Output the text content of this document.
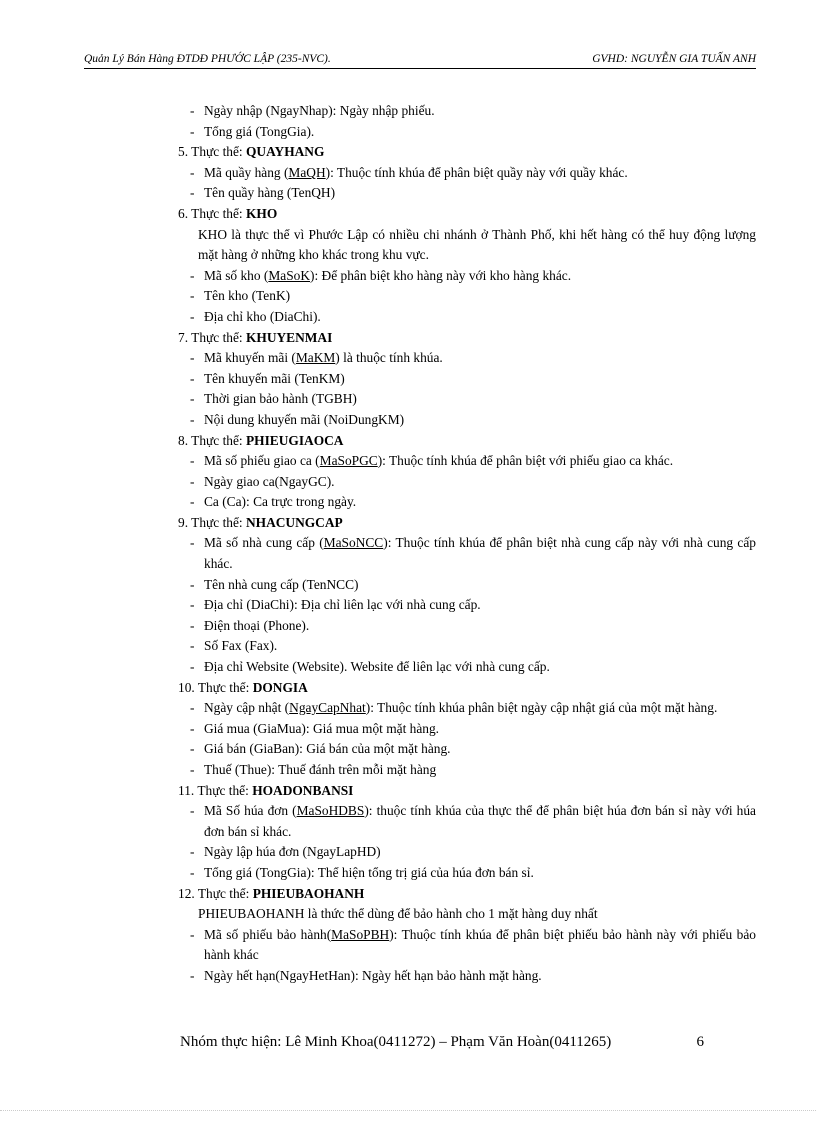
Quản Lý Bán Hàng ĐTDĐ PHƯỚC LẬP (235-NVC).	GVHD: NGUYỄN GIA TUẤN ANH
- Ngày nhập (NgayNhap): Ngày nhập phiếu.
- Tổng giá (TongGia).
5. Thực thể: QUAYHANG
- Mã quầy hàng (MaQH): Thuộc tính khúa để phân biệt quầy này với quầy khác.
- Tên quầy hàng (TenQH)
6. Thực thể: KHO
KHO là thực thể vì Phước Lập có nhiều chi nhánh ở Thành Phố, khi hết hàng có thể huy động lượng mặt hàng ở những kho khác trong khu vực.
- Mã số kho (MaSoK): Để phân biệt kho hàng này với kho hàng khác.
- Tên kho (TenK)
- Địa chỉ kho (DiaChi).
7. Thực thể: KHUYENMAI
- Mã khuyến mãi (MaKM) là thuộc tính khúa.
- Tên khuyến mãi (TenKM)
- Thời gian bảo hành (TGBH)
- Nội dung khuyến mãi (NoiDungKM)
8. Thực thể: PHIEUGIAOCA
- Mã số phiếu giao ca (MaSoPGC): Thuộc tính khúa để phân biệt với phiếu giao ca khác.
- Ngày giao ca(NgayGC).
- Ca (Ca): Ca trực trong ngày.
9. Thực thể: NHACUNGCAP
- Mã số nhà cung cấp (MaSoNCC): Thuộc tính khúa để phân biệt nhà cung cấp này với nhà cung cấp khác.
- Tên nhà cung cấp (TenNCC)
- Địa chỉ (DiaChi): Địa chỉ liên lạc với nhà cung cấp.
- Điện thoại (Phone).
- Số Fax (Fax).
- Địa chỉ Website (Website). Website để liên lạc với nhà cung cấp.
10. Thực thể: DONGIA
- Ngày cập nhật (NgayCapNhat): Thuộc tính khúa phân biệt ngày cập nhật giá của một mặt hàng.
- Giá mua (GiaMua): Giá mua một mặt hàng.
- Giá bán (GiaBan): Giá bán của một mặt hàng.
- Thuế (Thue): Thuế đánh trên mỗi mặt hàng
11. Thực thể: HOADONBANSI
- Mã Số húa đơn (MaSoHDBS): thuộc tính khúa của thực thể để phân biệt húa đơn bán sỉ này với húa đơn bán sỉ khác.
- Ngày lập húa đơn (NgayLapHD)
- Tổng giá (TongGia): Thể hiện tổng trị giá của húa đơn bán sỉ.
12. Thực thể: PHIEUBAOHANH
PHIEUBAOHANH là thức thể dùng để bảo hành cho 1 mặt hàng duy nhất
- Mã số phiếu bảo hành(MaSoPBH): Thuộc tính khúa để phân biệt phiếu bảo hành này với phiếu bảo hành khác
- Ngày hết hạn(NgayHetHan): Ngày hết hạn bảo hành mặt hàng.
Nhóm thực hiện: Lê Minh Khoa(0411272) – Phạm Văn Hoàn(0411265)	6
